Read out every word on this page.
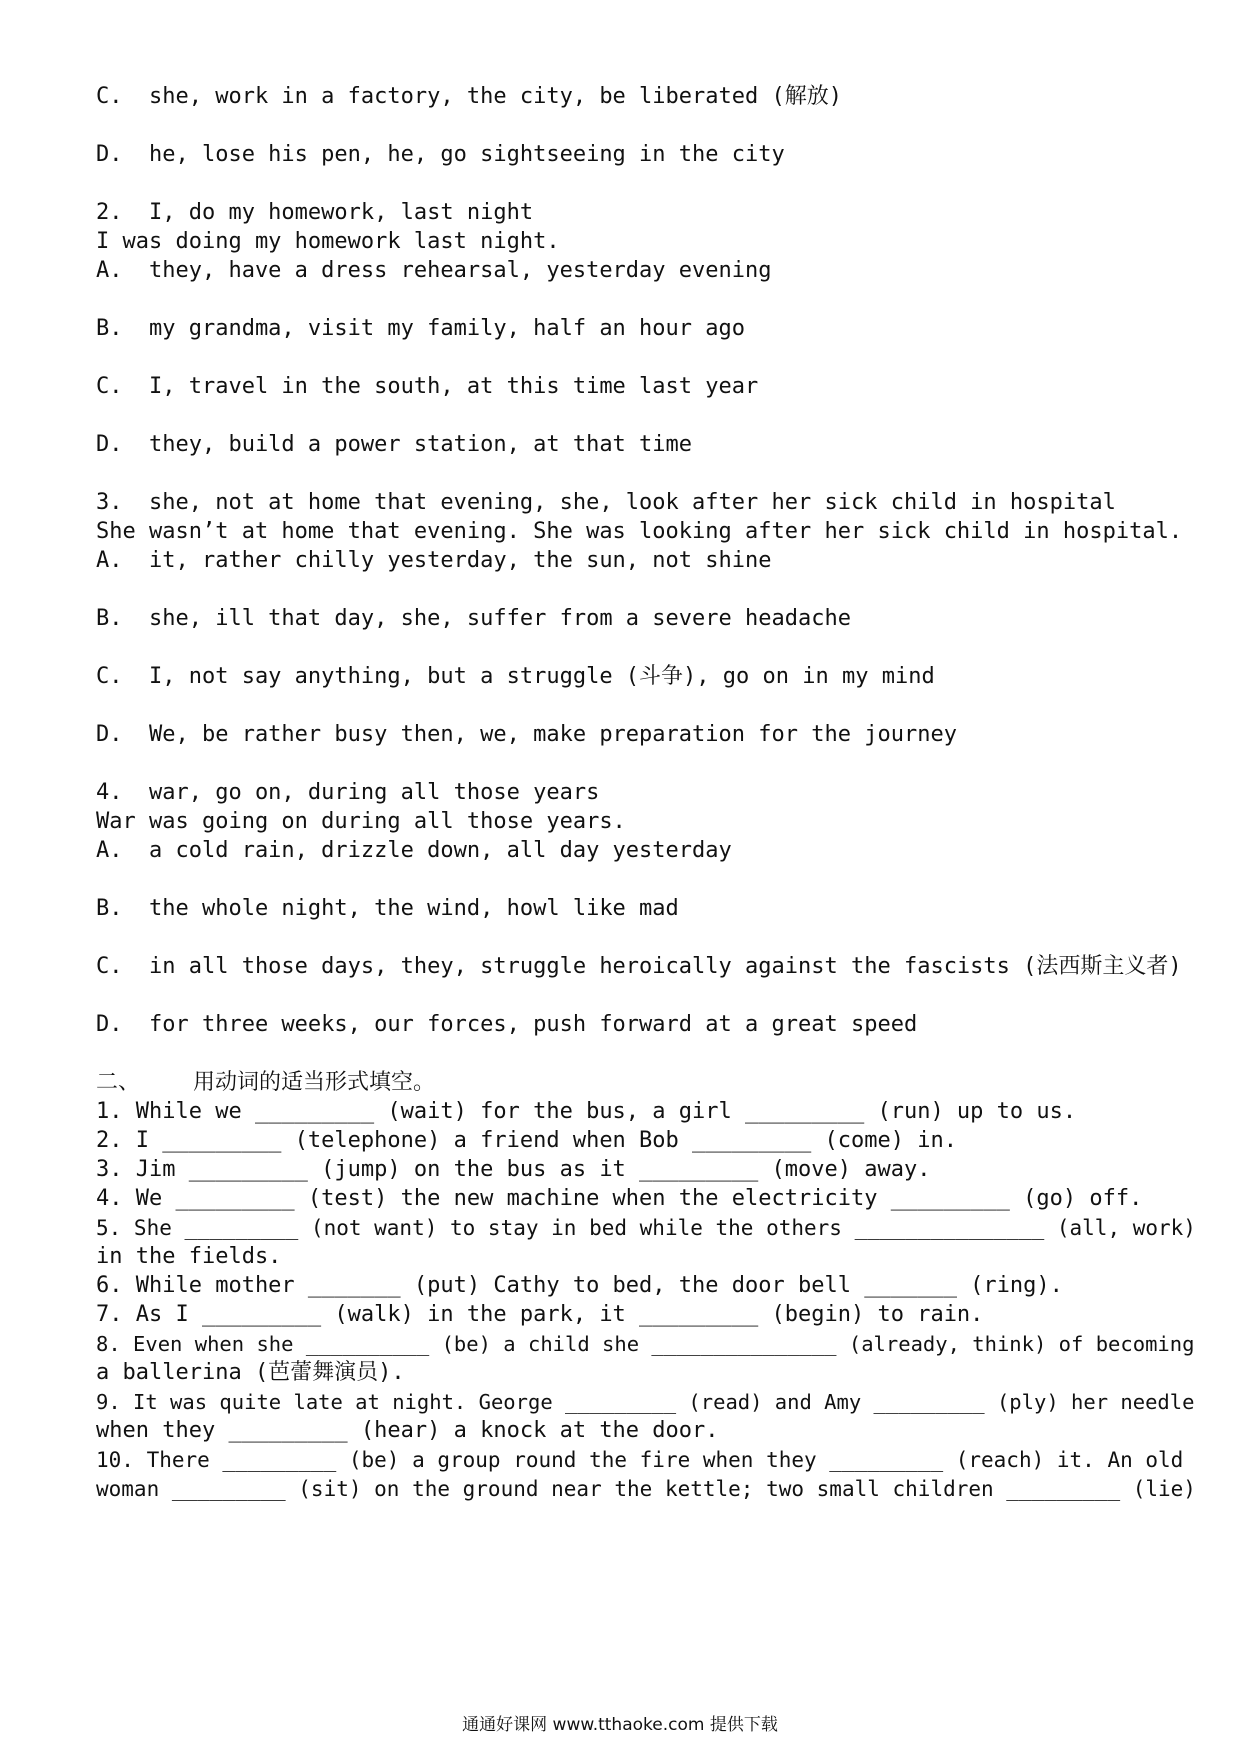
C.  she, work in a factory, the city, be liberated (解放)
D.  he, lose his pen, he, go sightseeing in the city
2.  I, do my homework, last night
I was doing my homework last night.
A.  they, have a dress rehearsal, yesterday evening
B.  my grandma, visit my family, half an hour ago
C.  I, travel in the south, at this time last year
D.  they, build a power station, at that time
3.  she, not at home that evening, she, look after her sick child in hospital
She wasn’t at home that evening. She was looking after her sick child in hospital.
A.  it, rather chilly yesterday, the sun, not shine
B.  she, ill that day, she, suffer from a severe headache
C.  I, not say anything, but a struggle (斗争), go on in my mind
D.  We, be rather busy then, we, make preparation for the journey
4.  war, go on, during all those years
War was going on during all those years.
A.  a cold rain, drizzle down, all day yesterday
B.  the whole night, the wind, howl like mad
C.  in all those days, they, struggle heroically against the fascists (法西斯主义者)
D.  for three weeks, our forces, push forward at a great speed
二、    用动词的适当形式填空。
1. While we _________ (wait) for the bus, a girl _________ (run) up to us.
2. I _________ (telephone) a friend when Bob _________ (come) in.
3. Jim _________ (jump) on the bus as it _________ (move) away.
4. We _________ (test) the new machine when the electricity _________ (go) off.
5. She _________ (not want) to stay in bed while the others _______________ (all, work)
in the fields.
6. While mother _______ (put) Cathy to bed, the door bell _______ (ring).
7. As I _________ (walk) in the park, it _________ (begin) to rain.
8. Even when she __________ (be) a child she _______________ (already, think) of becoming
a ballerina (芭蕾舞演员).
9. It was quite late at night. George _________ (read) and Amy _________ (ply) her needle
when they _________ (hear) a knock at the door.
10. There _________ (be) a group round the fire when they _________ (reach) it. An old
woman _________ (sit) on the ground near the kettle; two small children _________ (lie)
通通好课网 www.tthaoke.com 提供下载
